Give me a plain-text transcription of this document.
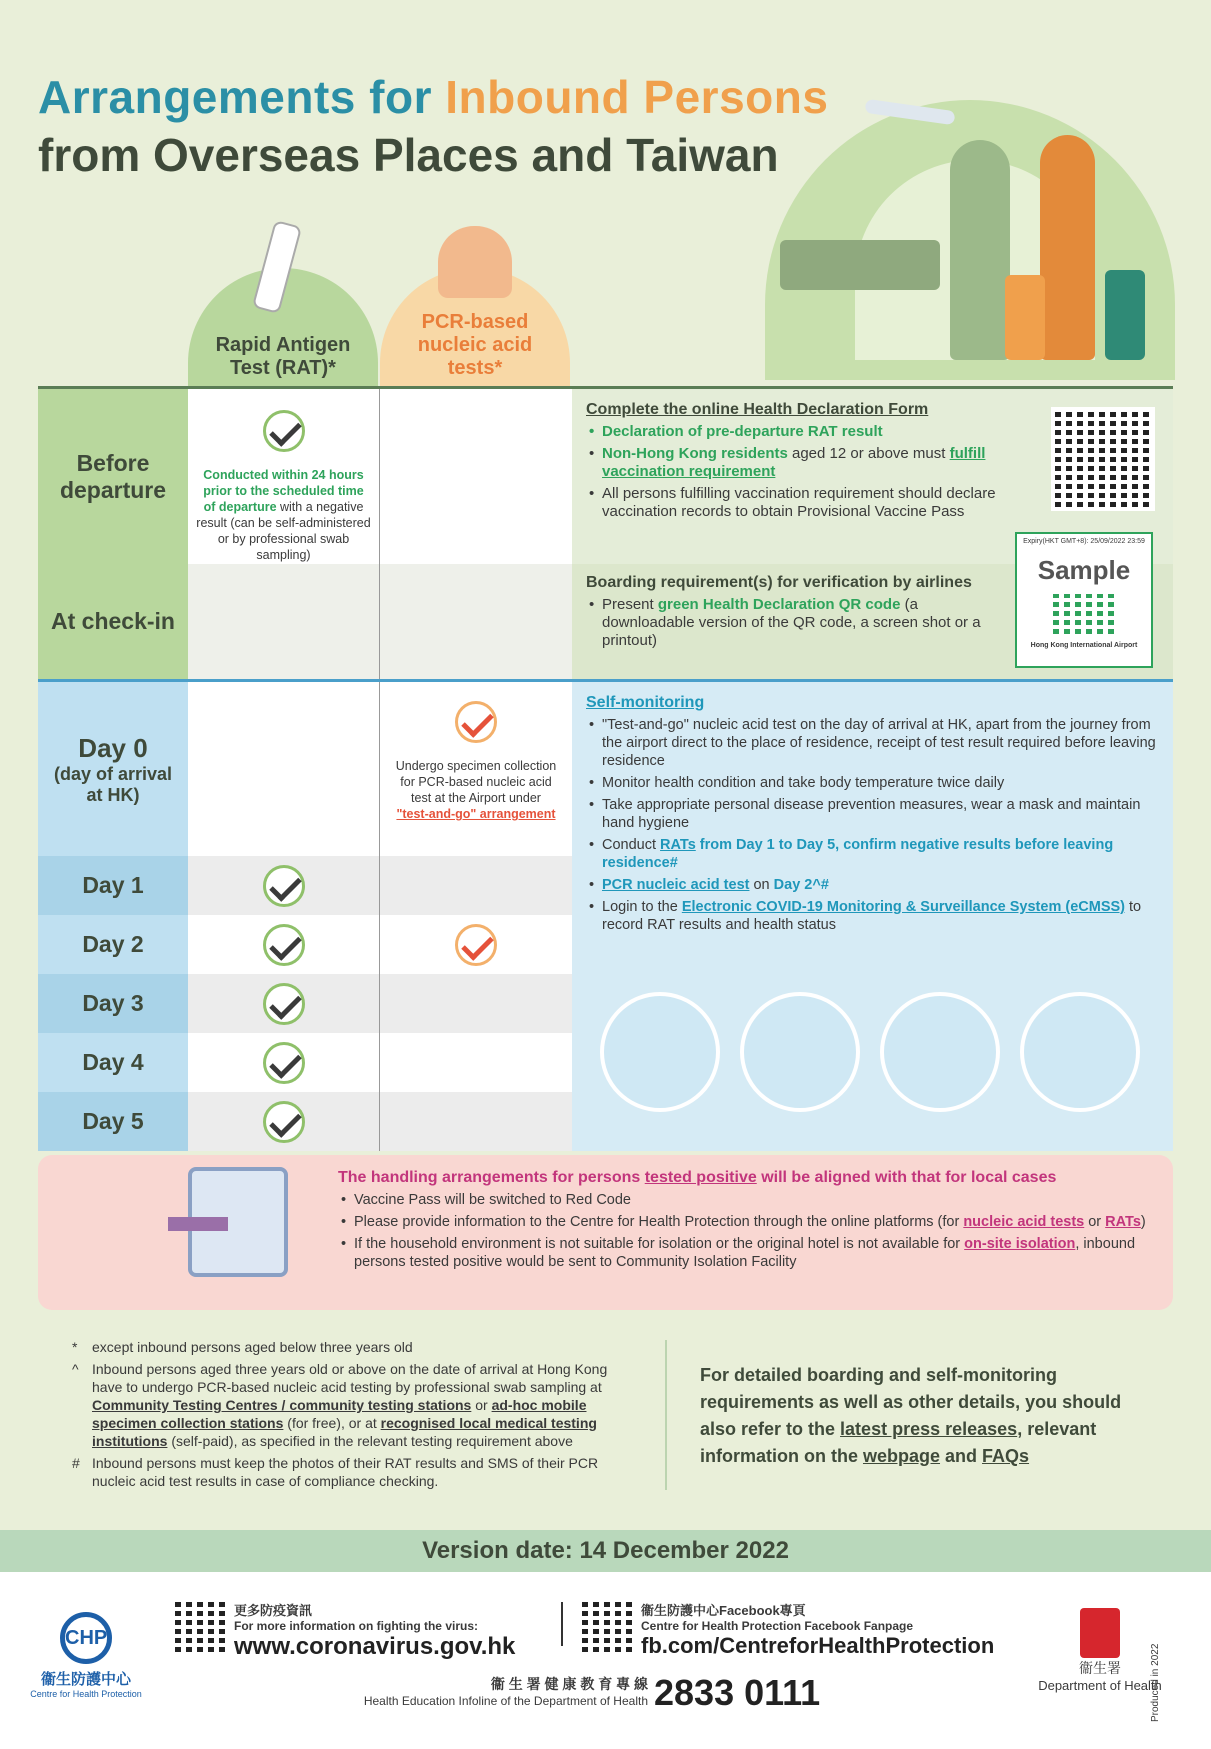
Arrangements for Inbound Persons
from Overseas Places and Taiwan
Rapid Antigen Test (RAT)*
PCR-based nucleic acid tests*
Before departure
Conducted within 24 hours prior to the scheduled time of departure with a negative result (can be self-administered or by professional swab sampling)
Complete the online Health Declaration Form
• Declaration of pre-departure RAT result
• Non-Hong Kong residents aged 12 or above must fulfill vaccination requirement
• All persons fulfilling vaccination requirement should declare vaccination records to obtain Provisional Vaccine Pass
At check-in
Boarding requirement(s) for verification by airlines
• Present green Health Declaration QR code (a downloadable version of the QR code, a screen shot or a printout)
Expiry(HKT GMT+8): 25/09/2022 23:59
Sample
Hong Kong International Airport
Day 0
(day of arrival at HK)
Undergo specimen collection for PCR-based nucleic acid test at the Airport under
"test-and-go" arrangement
Day 1
Day 2
Day 3
Day 4
Day 5
Self-monitoring
• "Test-and-go" nucleic acid test on the day of arrival at HK, apart from the journey from the airport direct to the place of residence, receipt of test result required before leaving residence
• Monitor health condition and take body temperature twice daily
• Take appropriate personal disease prevention measures, wear a mask and maintain hand hygiene
• Conduct RATs from Day 1 to Day 5, confirm negative results before leaving residence#
• PCR nucleic acid test on Day 2^#
• Login to the Electronic COVID-19 Monitoring & Surveillance System (eCMSS) to record RAT results and health status
The handling arrangements for persons tested positive will be aligned with that for local cases
• Vaccine Pass will be switched to Red Code
• Please provide information to the Centre for Health Protection through the online platforms (for nucleic acid tests or RATs)
• If the household environment is not suitable for isolation or the original hotel is not available for on-site isolation, inbound persons tested positive would be sent to Community Isolation Facility
* except inbound persons aged below three years old
^ Inbound persons aged three years old or above on the date of arrival at Hong Kong have to undergo PCR-based nucleic acid testing by professional swab sampling at Community Testing Centres / community testing stations or ad-hoc mobile specimen collection stations (for free), or at recognised local medical testing institutions (self-paid), as specified in the relevant testing requirement above
# Inbound persons must keep the photos of their RAT results and SMS of their PCR nucleic acid test results in case of compliance checking.
For detailed boarding and self-monitoring requirements as well as other details, you should also refer to the latest press releases, relevant information on the webpage and FAQs
Version date: 14 December 2022
CHP
衞生防護中心
Centre for Health Protection
更多防疫資訊
For more information on fighting the virus:
www.coronavirus.gov.hk
衞生防護中心Facebook專頁
Centre for Health Protection Facebook Fanpage
fb.com/CentreforHealthProtection
衞 生 署 健 康 教 育 專 線
Health Education Infoline of the Department of Health 2833 0111
衞生署
Department of Health
Produced in 2022
